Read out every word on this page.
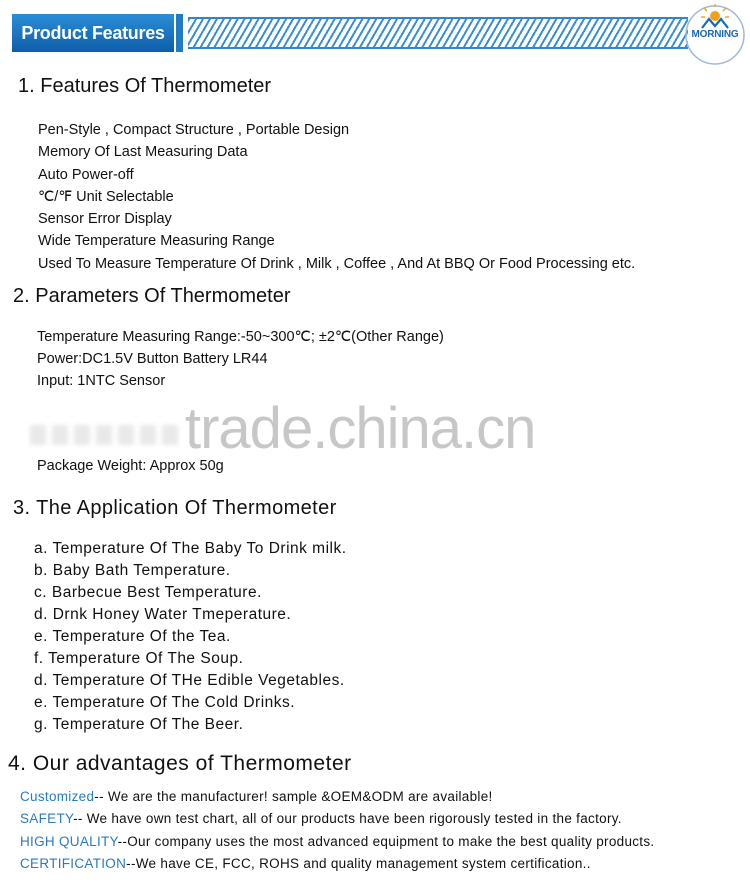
Product Features	MORNING
1. Features Of Thermometer
Pen-Style , Compact Structure , Portable Design
Memory Of Last Measuring Data
Auto Power-off
℃/℉ Unit Selectable
Sensor Error Display
Wide Temperature Measuring Range
Used To Measure Temperature Of Drink , Milk , Coffee , And At BBQ Or Food Processing etc.
2. Parameters Of Thermometer
Temperature Measuring Range:-50~300℃; ±2℃(Other Range)
Power:DC1.5V Button Battery LR44
Input: 1NTC Sensor
trade.china.cn
Package Weight: Approx 50g
3. The Application Of Thermometer
a. Temperature Of The Baby To Drink milk.
b. Baby Bath Temperature.
c. Barbecue Best Temperature.
d. Drnk Honey Water Tmeperature.
e. Temperature Of the Tea.
f. Temperature Of The Soup.
d. Temperature Of THe Edible Vegetables.
e. Temperature Of The Cold Drinks.
g. Temperature Of The Beer.
4. Our advantages of Thermometer

Customized-- We are the manufacturer! sample &OEM&ODM are available!

SAFETY-- We have own test chart, all of our products have been rigorously tested in the factory.

HIGH QUALITY--Our company uses the most advanced equipment to make the best quality products.

CERTIFICATION--We have CE, FCC, ROHS and quality management system certification..
